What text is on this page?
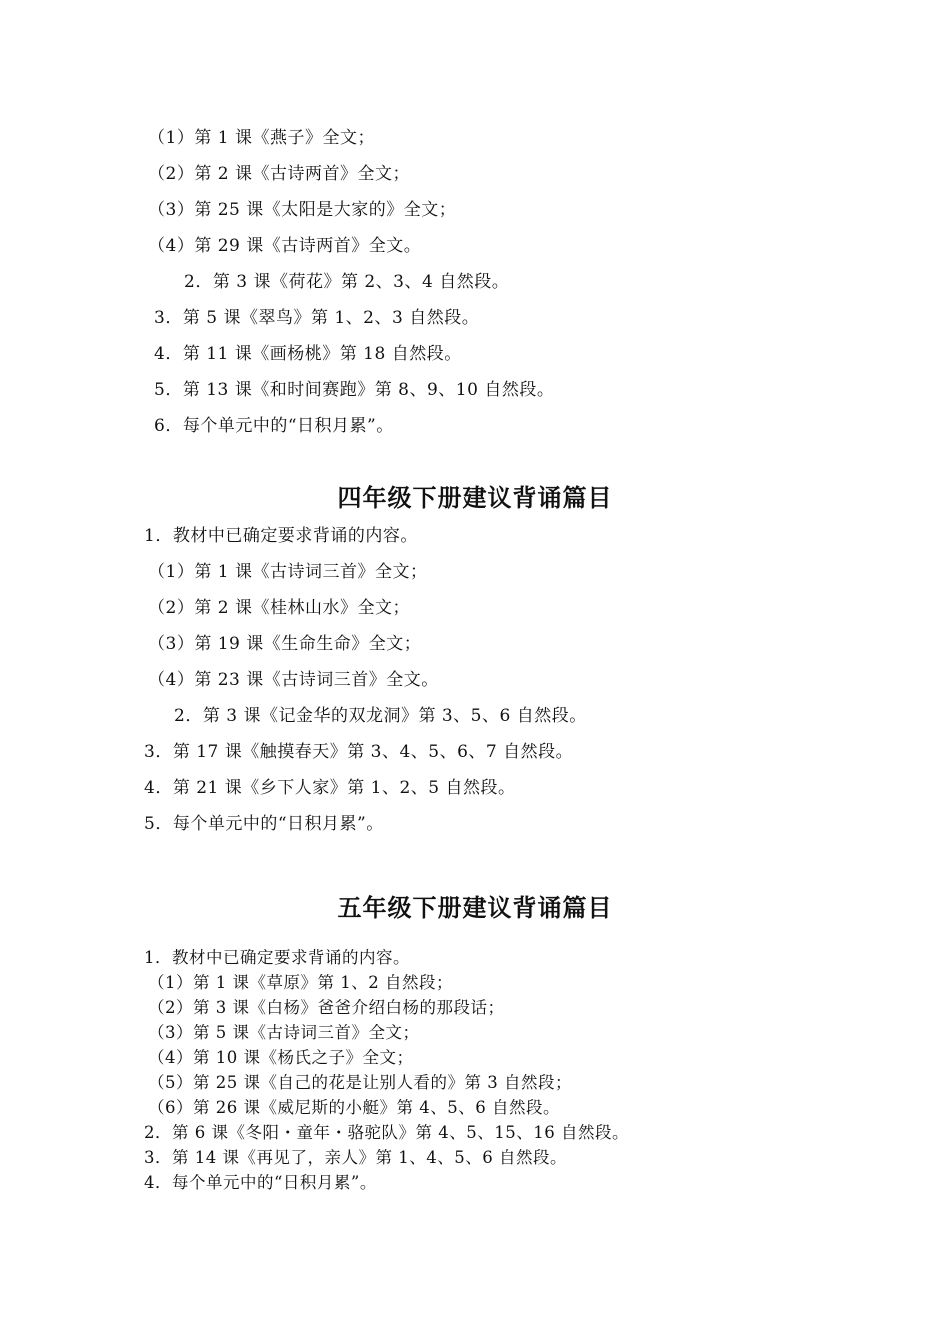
（1）第 1 课《燕子》全文；
（2）第 2 课《古诗两首》全文；
（3）第 25 课《太阳是大家的》全文；
（4）第 29 课《古诗两首》全文。
2．第 3 课《荷花》第 2、3、4 自然段。
3．第 5 课《翠鸟》第 1、2、3 自然段。
4．第 11 课《画杨桃》第 18 自然段。
5．第 13 课《和时间赛跑》第 8、9、10 自然段。
6．每个单元中的“日积月累”。
四年级下册建议背诵篇目
1．教材中已确定要求背诵的内容。
（1）第 1 课《古诗词三首》全文；
（2）第 2 课《桂林山水》全文；
（3）第 19 课《生命生命》全文；
（4）第 23 课《古诗词三首》全文。
2．第 3 课《记金华的双龙洞》第 3、5、6 自然段。
3．第 17 课《触摸春天》第 3、4、5、6、7 自然段。
4．第 21 课《乡下人家》第 1、2、5 自然段。
5．每个单元中的“日积月累”。
五年级下册建议背诵篇目
1．教材中已确定要求背诵的内容。
（1）第 1 课《草原》第 1、2 自然段；
（2）第 3 课《白杨》爸爸介绍白杨的那段话；
（3）第 5 课《古诗词三首》全文；
（4）第 10 课《杨氏之子》全文；
（5）第 25 课《自己的花是让别人看的》第 3 自然段；
（6）第 26 课《威尼斯的小艇》第 4、5、6 自然段。
2．第 6 课《冬阳・童年・骆驼队》第 4、5、15、16 自然段。
3．第 14 课《再见了，亲人》第 1、4、5、6 自然段。
4．每个单元中的“日积月累”。
